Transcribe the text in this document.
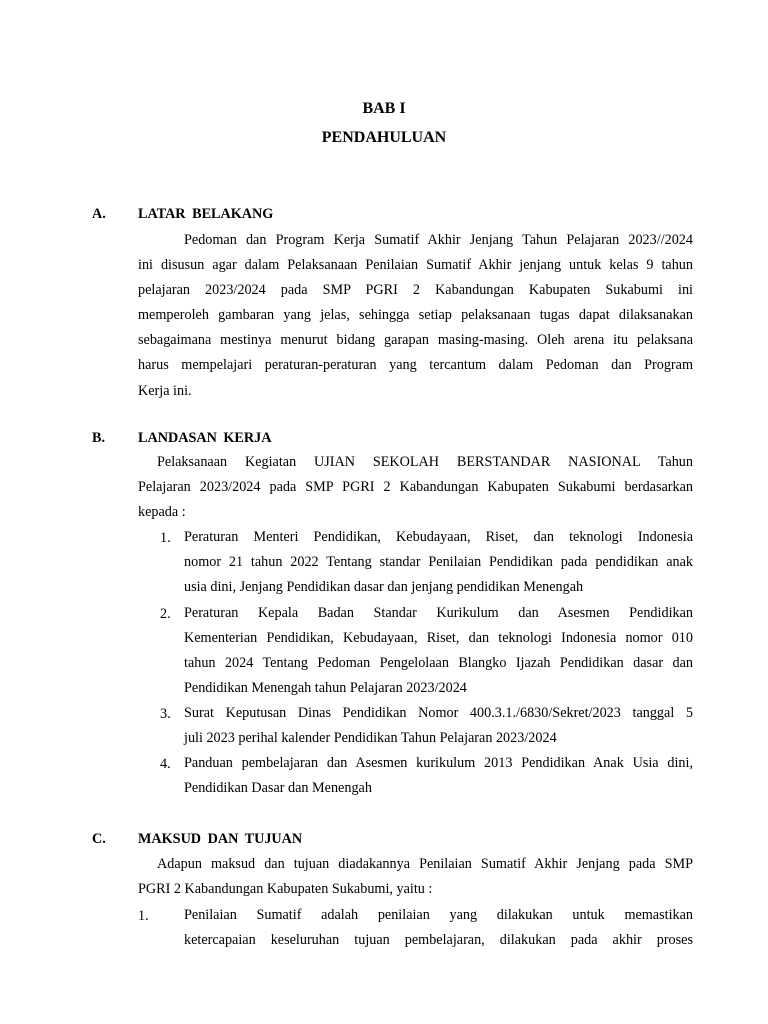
BAB I
PENDAHULUAN
A. LATAR BELAKANG
Pedoman dan Program Kerja Sumatif Akhir Jenjang Tahun Pelajaran 2023//2024
ini disusun agar dalam Pelaksanaan Penilaian Sumatif Akhir jenjang untuk kelas 9 tahun
pelajaran 2023/2024 pada SMP PGRI 2 Kabandungan Kabupaten Sukabumi ini
memperoleh gambaran yang jelas, sehingga setiap pelaksanaan tugas dapat dilaksanakan
sebagaimana mestinya menurut bidang garapan masing-masing. Oleh arena itu pelaksana
harus mempelajari peraturan-peraturan yang tercantum dalam Pedoman dan Program
Kerja ini.
B. LANDASAN KERJA
Pelaksanaan Kegiatan UJIAN SEKOLAH BERSTANDAR NASIONAL Tahun
Pelajaran 2023/2024 pada SMP PGRI 2 Kabandungan Kabupaten Sukabumi berdasarkan
kepada :
1. Peraturan Menteri Pendidikan, Kebudayaan, Riset, dan teknologi Indonesia
nomor 21 tahun 2022 Tentang standar Penilaian Pendidikan pada pendidikan anak
usia dini, Jenjang Pendidikan dasar dan jenjang pendidikan Menengah
2. Peraturan Kepala Badan Standar Kurikulum dan Asesmen Pendidikan
Kementerian Pendidikan, Kebudayaan, Riset, dan teknologi Indonesia nomor 010
tahun 2024 Tentang Pedoman Pengelolaan Blangko Ijazah Pendidikan dasar dan
Pendidikan Menengah tahun Pelajaran 2023/2024
3. Surat Keputusan Dinas Pendidikan Nomor 400.3.1./6830/Sekret/2023 tanggal 5
juli 2023 perihal kalender Pendidikan Tahun Pelajaran 2023/2024
4. Panduan pembelajaran dan Asesmen kurikulum 2013 Pendidikan Anak Usia dini,
Pendidikan Dasar dan Menengah
C. MAKSUD DAN TUJUAN
Adapun maksud dan tujuan diadakannya Penilaian Sumatif Akhir Jenjang pada SMP
PGRI 2 Kabandungan Kabupaten Sukabumi, yaitu :
1. Penilaian Sumatif adalah penilaian yang dilakukan untuk memastikan
ketercapaian keseluruhan tujuan pembelajaran, dilakukan pada akhir proses
